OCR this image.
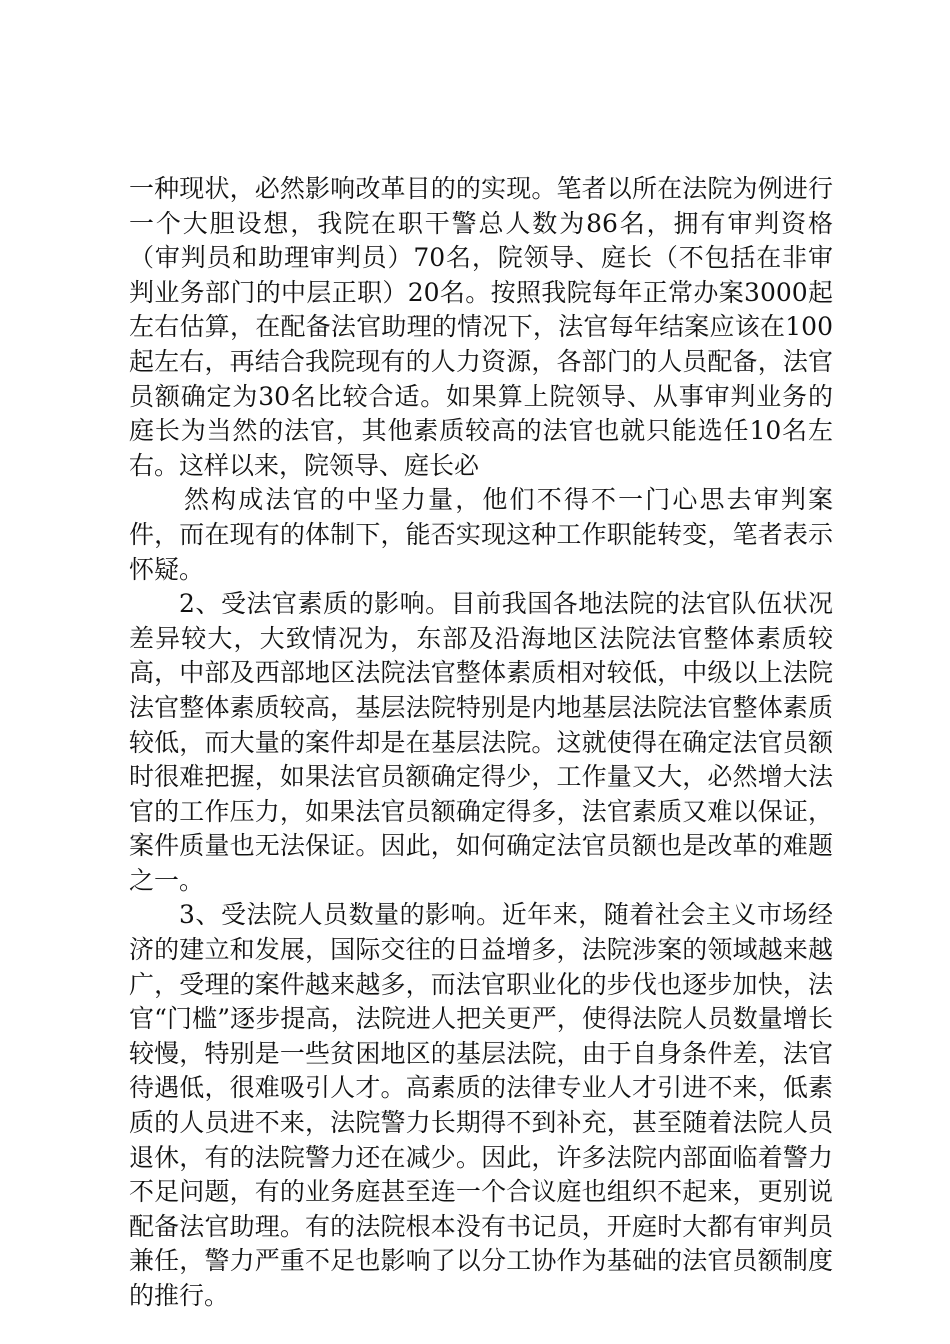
一种现状，必然影响改革目的的实现。笔者以所在法院为例进行一个大胆设想，我院在职干警总人数为86名，拥有审判资格（审判员和助理审判员）70名，院领导、庭长（不包括在非审判业务部门的中层正职）20名。按照我院每年正常办案3000起左右估算，在配备法官助理的情况下，法官每年结案应该在100起左右，再结合我院现有的人力资源，各部门的人员配备，法官员额确定为30名比较合适。如果算上院领导、从事审判业务的庭长为当然的法官，其他素质较高的法官也就只能选任10名左右。这样以来，院领导、庭长必

然构成法官的中坚力量，他们不得不一门心思去审判案件，而在现有的体制下，能否实现这种工作职能转变，笔者表示怀疑。

2、受法官素质的影响。目前我国各地法院的法官队伍状况差异较大，大致情况为，东部及沿海地区法院法官整体素质较高，中部及西部地区法院法官整体素质相对较低，中级以上法院法官整体素质较高，基层法院特别是内地基层法院法官整体素质较低，而大量的案件却是在基层法院。这就使得在确定法官员额时很难把握，如果法官员额确定得少，工作量又大，必然增大法官的工作压力，如果法官员额确定得多，法官素质又难以保证，案件质量也无法保证。因此，如何确定法官员额也是改革的难题之一。

3、受法院人员数量的影响。近年来，随着社会主义市场经济的建立和发展，国际交往的日益增多，法院涉案的领域越来越广，受理的案件越来越多，而法官职业化的步伐也逐步加快，法官“门槛”逐步提高，法院进人把关更严，使得法院人员数量增长较慢，特别是一些贫困地区的基层法院，由于自身条件差，法官待遇低，很难吸引人才。高素质的法律专业人才引进不来，低素质的人员进不来，法院警力长期得不到补充，甚至随着法院人员退休，有的法院警力还在减少。因此，许多法院内部面临着警力不足问题，有的业务庭甚至连一个合议庭也组织不起来，更别说配备法官助理。有的法院根本没有书记员，开庭时大都有审判员兼任，警力严重不足也影响了以分工协作为基础的法官员额制度的推行。
